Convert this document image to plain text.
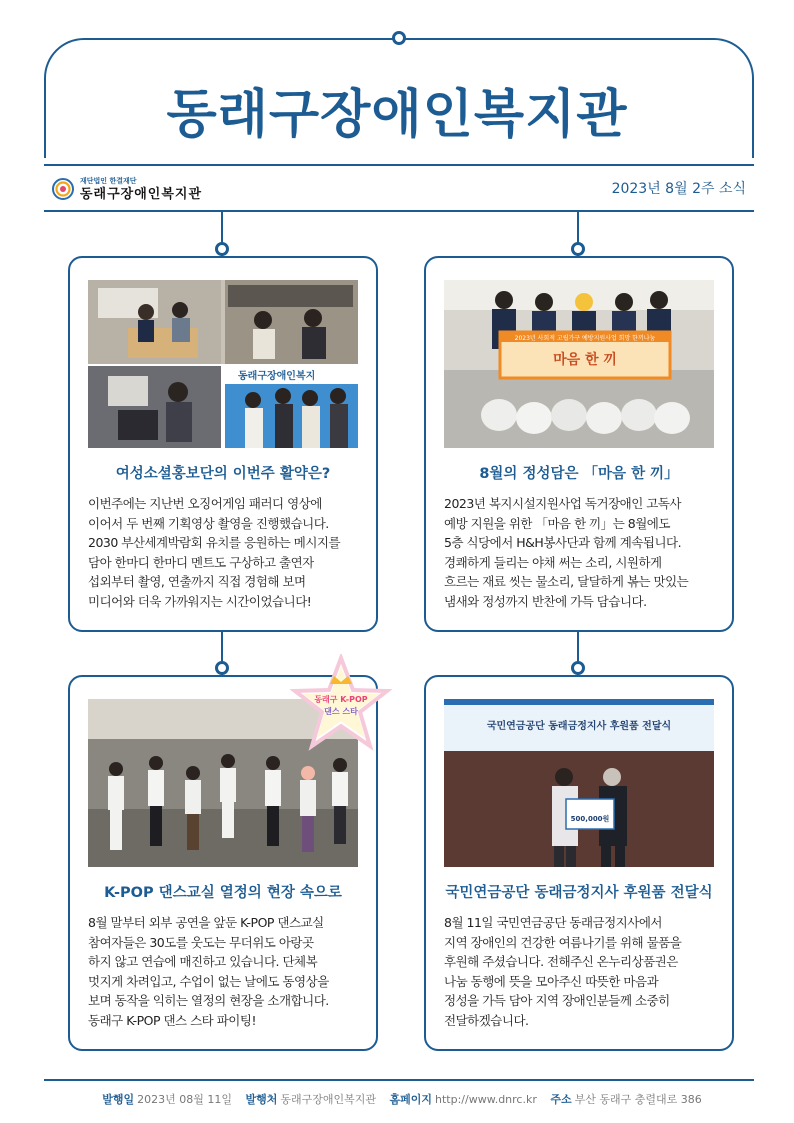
동래구장애인복지관
재단법인 한결재단
동래구장애인복지관	2023년 8월 2주 소식
동래구장애인복지
여성소셜홍보단의 이번주 활약은?
이번주에는 지난번 오징어게임 패러디 영상에
이어서 두 번째 기획영상 촬영을 진행했습니다.
2030 부산세계박람회 유치를 응원하는 메시지를
담아 한마디 한마디 멘트도 구상하고 출연자
섭외부터 촬영, 연출까지 직접 경험해 보며
미디어와 더욱 가까워지는 시간이었습니다!
2023년 사회적 고립가구 예방지원사업 희망 한끼나눔
마음 한 끼
8월의 정성담은 「마음 한 끼」
2023년 복지시설지원사업 독거장애인 고독사
예방 지원을 위한 「마음 한 끼」는 8월에도
5층 식당에서 H&H봉사단과 함께 계속됩니다.
경쾌하게 들리는 야채 써는 소리, 시원하게
흐르는 재료 씻는 물소리, 달달하게 볶는 맛있는
냄새와 정성까지 반찬에 가득 담습니다.
K-POP 댄스교실 열정의 현장 속으로
8월 말부터 외부 공연을 앞둔 K-POP 댄스교실
참여자들은 30도를 웃도는 무더위도 아랑곳
하지 않고 연습에 매진하고 있습니다. 단체복
멋지게 차려입고, 수업이 없는 날에도 동영상을
보며 동작을 익히는 열정의 현장을 소개합니다.
동래구 K-POP 댄스 스타 파이팅!
동래구 K-POP
댄스 스타
국민연금공단 동래금정지사 후원품 전달식
500,000원
국민연금공단 동래금정지사 후원품 전달식
8월 11일 국민연금공단 동래금정지사에서
지역 장애인의 건강한 여름나기를 위해 물품을
후원해 주셨습니다. 전해주신 온누리상품권은
나눔 동행에 뜻을 모아주신 따뜻한 마음과
정성을 가득 담아 지역 장애인분들께 소중히
전달하겠습니다.
발행일 2023년 08월 11일 발행처 동래구장애인복지관 홈페이지 http://www.dnrc.kr 주소 부산 동래구 충렬대로 386
